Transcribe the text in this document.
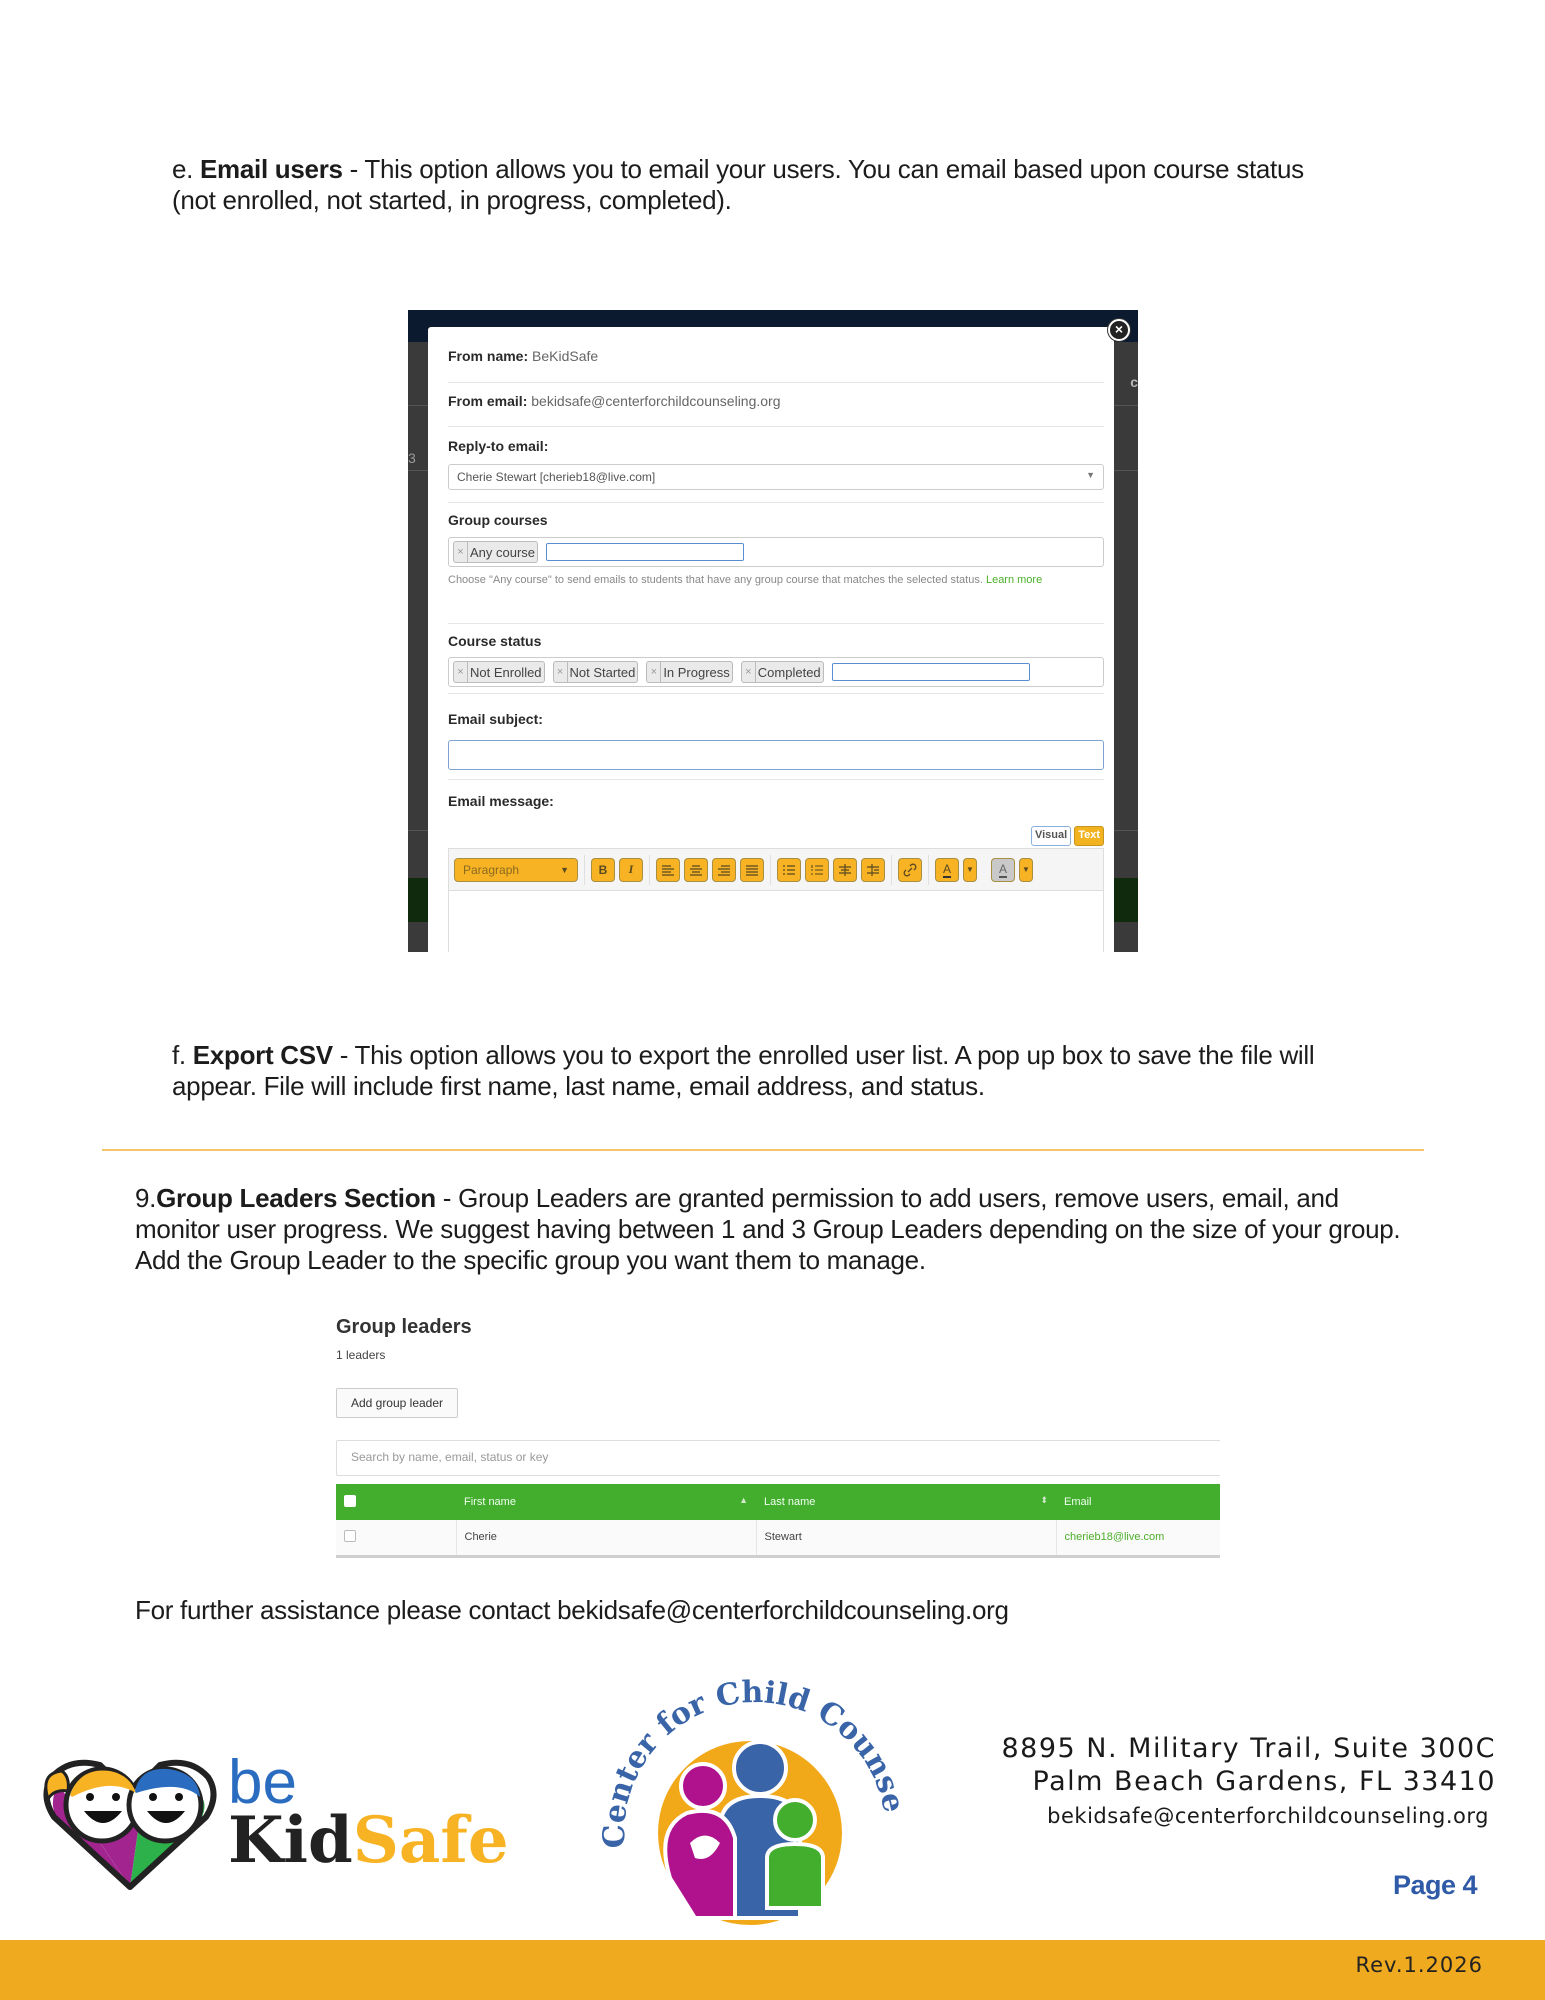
e. Email users - This option allows you to email your users. You can email based upon course status (not enrolled, not started, in progress, completed).
3
c
From name: BeKidSafe
From email: bekidsafe@centerforchildcounseling.org
Reply-to email:
Cherie Stewart [cherieb18@live.com]	▼
Group courses
× Any course
Choose "Any course" to send emails to students that have any group course that matches the selected status. Learn more
Course status
× Not Enrolled × Not Started × In Progress × Completed
Email subject:
Email message:
Visual	Text
Paragraph	▼ B I	A ▼ A ▼
×
f. Export CSV - This option allows you to export the enrolled user list. A pop up box to save the file will appear. File will include first name, last name, email address, and status.
9.Group Leaders Section - Group Leaders are granted permission to add users, remove users, email, and monitor user progress. We suggest having between 1 and 3 Group Leaders depending on the size of your group. Add the Group Leader to the specific group you want them to manage.
Group leaders
1 leaders
Add group leader
Search by name, email, status or key
	First name ▲	Last name ⬍	Email
	Cherie	Stewart	cherieb18@live.com
For further assistance please contact bekidsafe@centerforchildcounseling.org
be
KidSafe	Center for Child Couns
8895 N. Military Trail, Suite 300C
Palm Beach Gardens, FL 33410
bekidsafe@centerforchildcounseling.org
Page 4
Rev.1.2026
